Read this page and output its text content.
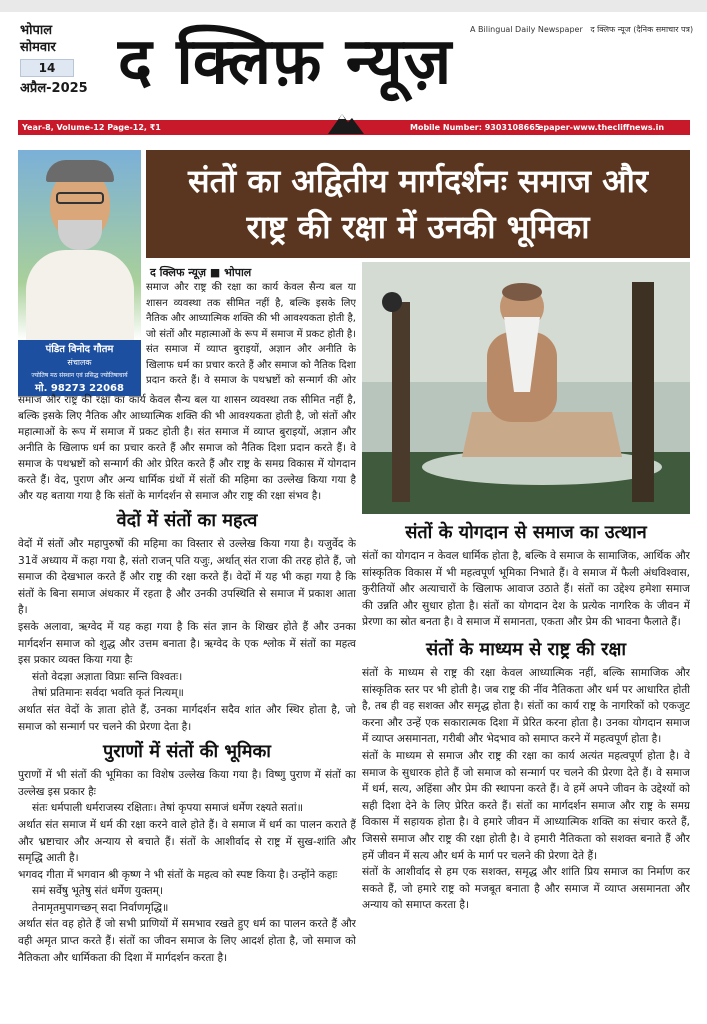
भोपाल
सोमवार
14
अप्रैल-2025 द क्लिफ़ न्यूज़	A Bilingual Daily Newspaper द क्लिफ न्यूज (दैनिक समाचार पत्र)
Year-8, Volume-12 Page-12, ₹1	Mobile Number: 9303108665
epaper-www.thecliffnews.in
पंडित विनोद गौतम
संचालक
ज्योतिष मठ संस्थान एवं प्रसिद्ध ज्योतिषाचार्य
मो. 98273 22068
संतों का अद्वितीय मार्गदर्शनः समाज और
राष्ट्र की रक्षा में उनकी भूमिका
द क्लिफ न्यूज़ ■ भोपाल

समाज और राष्ट्र की रक्षा का कार्य केवल सैन्य बल या शासन व्यवस्था तक सीमित नहीं है, बल्कि इसके लिए नैतिक और आध्यात्मिक शक्ति की भी आवश्यकता होती है, जो संतों और महात्माओं के रूप में समाज में प्रकट होती है। संत समाज में व्याप्त बुराइयों, अज्ञान और अनीति के खिलाफ धर्म का प्रचार करते हैं और समाज को नैतिक दिशा प्रदान करते हैं। वे समाज के पथभ्रष्टों को सन्मार्ग की ओर

समाज और राष्ट्र की रक्षा का कार्य केवल सैन्य बल या शासन व्यवस्था तक सीमित नहीं है, बल्कि इसके लिए नैतिक और आध्यात्मिक शक्ति की भी आवश्यकता होती है, जो संतों और महात्माओं के रूप में समाज में प्रकट होती है। संत समाज में व्याप्त बुराइयों, अज्ञान और अनीति के खिलाफ धर्म का प्रचार करते हैं और समाज को नैतिक दिशा प्रदान करते हैं। वे समाज के पथभ्रष्टों को सन्मार्ग की ओर प्रेरित करते हैं और राष्ट्र के समग्र विकास में योगदान करते हैं। वेद, पुराण और अन्य धार्मिक ग्रंथों में संतों की महिमा का उल्लेख किया गया है और यह बताया गया है कि संतों के मार्गदर्शन से समाज और राष्ट्र की रक्षा संभव है।

वेदों में संतों का महत्व

वेदों में संतों और महापुरुषों की महिमा का विस्तार से उल्लेख किया गया है। यजुर्वेद के 31वें अध्याय में कहा गया है, संतो राजन् पति यजुः, अर्थात् संत राजा की तरह होते हैं, जो समाज की देखभाल करते हैं और राष्ट्र की रक्षा करते हैं। वेदों में यह भी कहा गया है कि संतों के बिना समाज अंधकार में रहता है और उनकी उपस्थिति से समाज में प्रकाश आता है।

इसके अलावा, ऋग्वेद में यह कहा गया है कि संत ज्ञान के शिखर होते हैं और उनका मार्गदर्शन समाज को शुद्ध और उत्तम बनाता है। ऋग्वेद के एक श्लोक में संतों का महत्व इस प्रकार व्यक्त किया गया हैः

संतो वेदज्ञा अज्ञाता विप्राः सन्ति विश्वतः।

तेषां प्रतिमानः सर्वदा भवति कृतं नित्यम्॥

अर्थात संत वेदों के ज्ञाता होते हैं, उनका मार्गदर्शन सदैव शांत और स्थिर होता है, जो समाज को सन्मार्ग पर चलने की प्रेरणा देता है।

पुराणों में संतों की भूमिका

पुराणों में भी संतों की भूमिका का विशेष उल्लेख किया गया है। विष्णु पुराण में संतों का उल्लेख इस प्रकार हैः

संतः धर्मपाली धर्मराजस्य रक्षिताः। तेषां कृपया समाजं धर्मेण रक्ष्यते सतां॥

अर्थात संत समाज में धर्म की रक्षा करने वाले होते हैं। वे समाज में धर्म का पालन कराते हैं और भ्रष्टाचार और अन्याय से बचाते हैं। संतों के आशीर्वाद से राष्ट्र में सुख-शांति और समृद्धि आती है।

भगवद गीता में भगवान श्री कृष्ण ने भी संतों के महत्व को स्पष्ट किया है। उन्होंने कहाः

समं सर्वेषु भूतेषु संतं धर्मेण युक्तम्।

तेनामृतमुपागच्छन् सदा निर्वाणमृद्धि॥

अर्थात संत वह होते हैं जो सभी प्राणियों में समभाव रखते हुए धर्म का पालन करते हैं और वही अमृत प्राप्त करते हैं। संतों का जीवन समाज के लिए आदर्श होता है, जो समाज को नैतिकता और धार्मिकता की दिशा में मार्गदर्शन करता है।

संतों के योगदान से समाज का उत्थान

संतों का योगदान न केवल धार्मिक होता है, बल्कि वे समाज के सामाजिक, आर्थिक और सांस्कृतिक विकास में भी महत्वपूर्ण भूमिका निभाते हैं। वे समाज में फैली अंधविश्वास, कुरीतियों और अत्याचारों के खिलाफ आवाज उठाते हैं। संतों का उद्देश्य हमेशा समाज की उन्नति और सुधार होता है। संतों का योगदान देश के प्रत्येक नागरिक के जीवन में प्रेरणा का स्रोत बनता है। वे समाज में समानता, एकता और प्रेम की भावना फैलाते हैं।

संतों के माध्यम से राष्ट्र की रक्षा

संतों के माध्यम से राष्ट्र की रक्षा केवल आध्यात्मिक नहीं, बल्कि सामाजिक और सांस्कृतिक स्तर पर भी होती है। जब राष्ट्र की नींव नैतिकता और धर्म पर आधारित होती है, तब ही वह सशक्त और समृद्ध होता है। संतों का कार्य राष्ट्र के नागरिकों को एकजुट करना और उन्हें एक सकारात्मक दिशा में प्रेरित करना होता है। उनका योगदान समाज में व्याप्त असमानता, गरीबी और भेदभाव को समाप्त करने में महत्वपूर्ण होता है।

संतों के माध्यम से समाज और राष्ट्र की रक्षा का कार्य अत्यंत महत्वपूर्ण होता है। वे समाज के सुधारक होते हैं जो समाज को सन्मार्ग पर चलने की प्रेरणा देते हैं। वे समाज में धर्म, सत्य, अहिंसा और प्रेम की स्थापना करते हैं। वे हमें अपने जीवन के उद्देश्यों को सही दिशा देने के लिए प्रेरित करते हैं। संतों का मार्गदर्शन समाज और राष्ट्र के समग्र विकास में सहायक होता है। वे हमारे जीवन में आध्यात्मिक शक्ति का संचार करते हैं, जिससे समाज और राष्ट्र की रक्षा होती है। वे हमारी नैतिकता को सशक्त बनाते हैं और हमें जीवन में सत्य और धर्म के मार्ग पर चलने की प्रेरणा देते हैं।

संतों के आशीर्वाद से हम एक सशक्त, समृद्ध और शांति प्रिय समाज का निर्माण कर सकते हैं, जो हमारे राष्ट्र को मजबूत बनाता है और समाज में व्याप्त असमानता और अन्याय को समाप्त करता है।
